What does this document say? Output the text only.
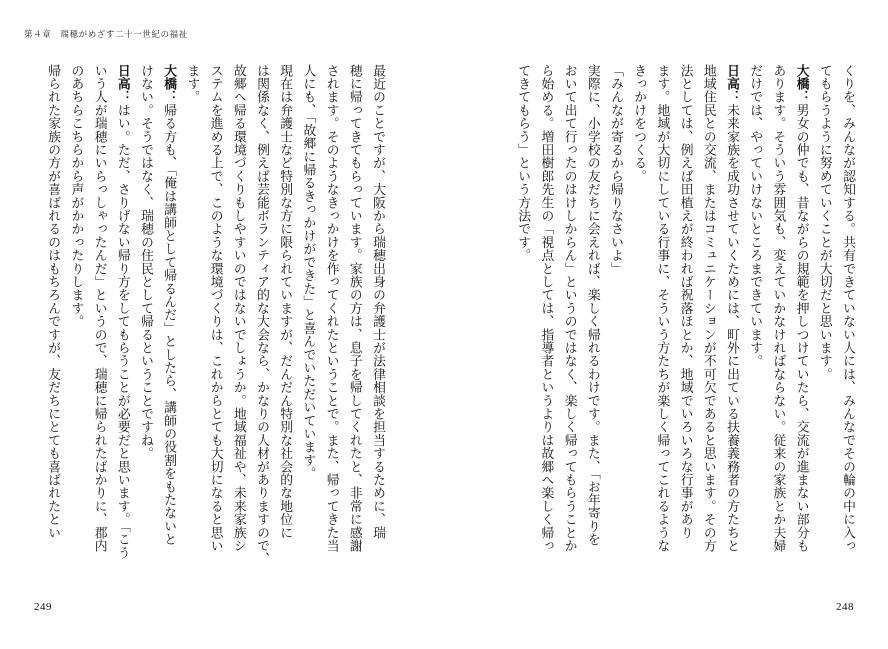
第４章　瑞穂がめざす二十一世紀の福祉
くりを、みんなが認知する。共有できていない人には、みんなでその輪の中に入っ
てもらうように努めていくことが大切だと思います。
大橋：男女の仲でも、昔ながらの規範を押しつけていたら、交流が進まない部分も
あります。そういう雰囲気も、変えていかなければならない。従来の家族とか夫婦
だけでは、やっていけないところまできています。
日高：未来家族を成功させていくためには、町外に出ている扶養義務者の方たちと
地域住民との交流、またはコミュニケーションが不可欠であると思います。その方
法としては、例えば田植えが終われば祝落ほとか、地域でいろいろな行事があり
ます。地域が大切にしている行事に、そういう方たちが楽しく帰ってこれるような
きっかけをつくる。
「みんなが寄るから帰りなさいよ」
実際に、小学校の友だちに会えれば、楽しく帰れるわけです。また、「お年寄りを
おいて出て行ったのはけしからん」というのではなく、楽しく帰ってもらうことか
ら始める。増田樹郎先生の「視点としては、指導者というよりは故郷へ楽しく帰っ
てきてもらう」という方法です。
最近のことですが、大阪から瑞穂出身の弁護士が法律相談を担当するために、瑞
穂に帰ってきてもらっています。家族の方は、息子を帰してくれたと、非常に感謝
されます。そのようなきっかけを作ってくれたということで。また、帰ってきた当
人にも、「故郷に帰るきっかけができた」と喜んでいただいています。
現在は弁護士など特別な方に限られていますが、だんだん特別な社会的な地位に
は関係なく、例えば芸能ボランティア的な大会なら、かなりの人材がありますので、
故郷へ帰る環境づくりもしやすいのではないでしょうか。地域福祉や、未来家族シ
ステムを進める上で、このような環境づくりは、これからとても大切になると思い
ます。
大橋：帰る方も、「俺は講師として帰るんだ」としたら、講師の役割をもたないと
けない。そうではなく、瑞穂の住民として帰るということですね。
日高：はい。ただ、さりげない帰り方をしてもらうことが必要だと思います。「こう
いう人が瑞穂にいらっしゃったんだ」というので、瑞穂に帰られたばかりに、郡内
のあちらこちらから声がかかったりします。
帰られた家族の方が喜ばれるのはもちろんですが、友だちにとても喜ばれたとい
249	248
